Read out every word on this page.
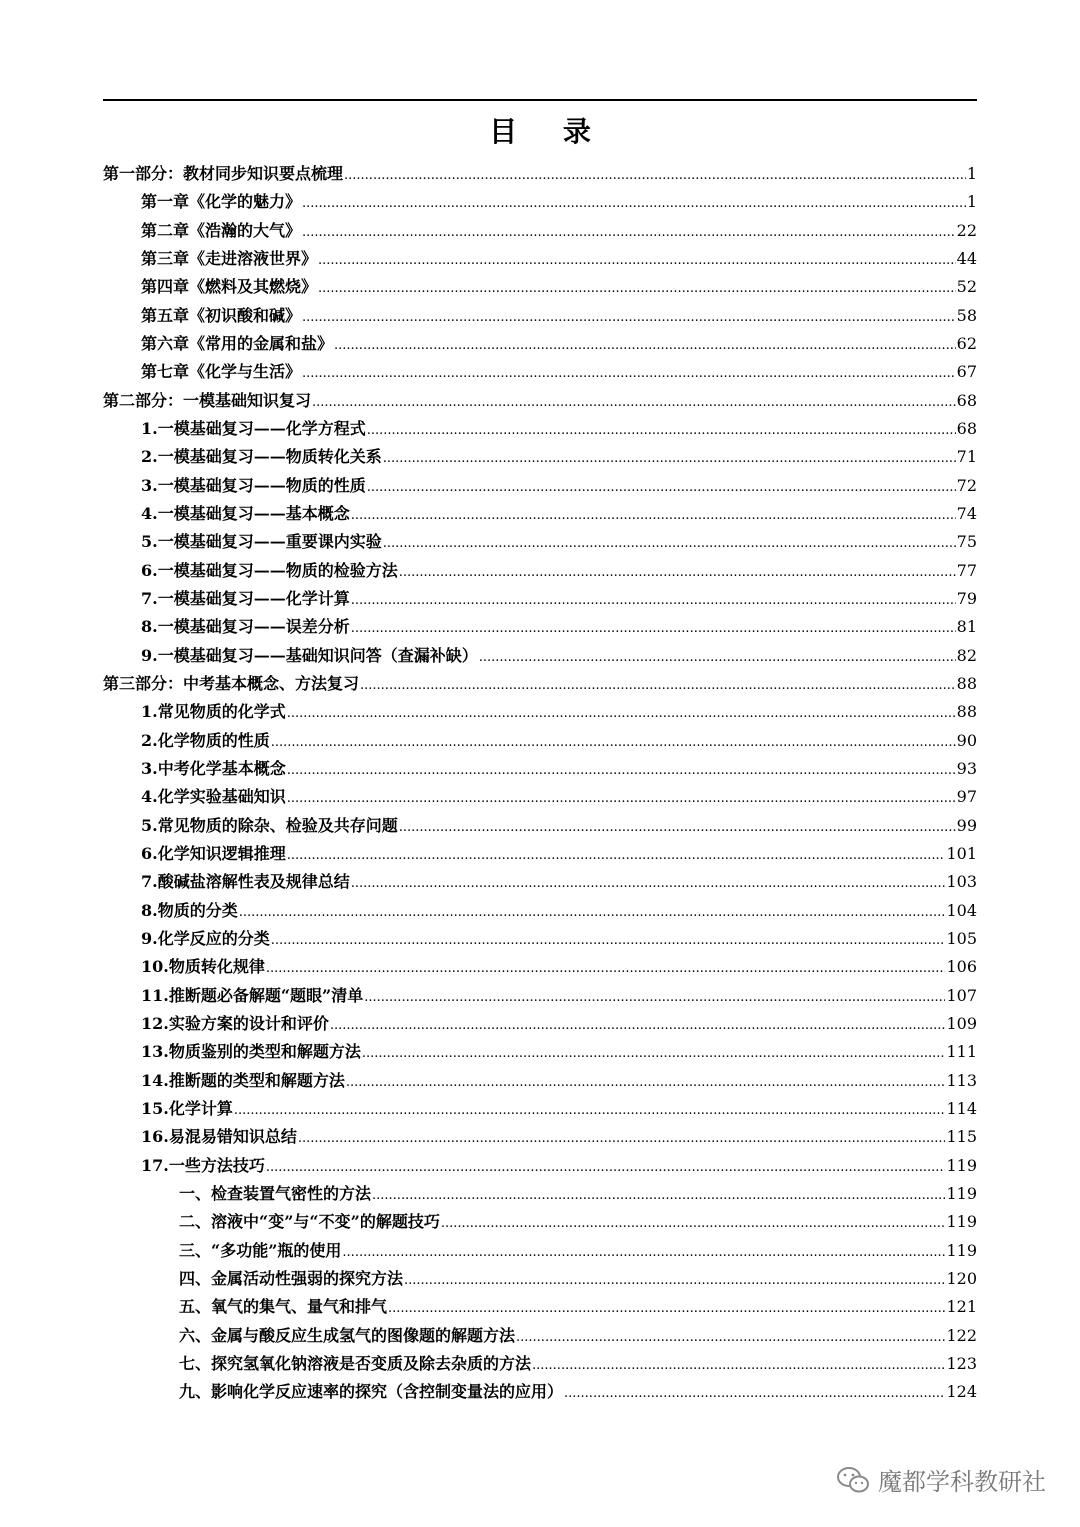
目 录
第一部分：教材同步知识要点梳理 .....	1
第一章《化学的魅力》 .....	1
第二章《浩瀚的大气》 .....	22
第三章《走进溶液世界》 .....	44
第四章《燃料及其燃烧》 .....	52
第五章《初识酸和碱》 .....	58
第六章《常用的金属和盐》 .....	62
第七章《化学与生活》 .....	67
第二部分：一模基础知识复习 .....	68
1.一模基础复习——化学方程式 .....	68
2.一模基础复习——物质转化关系 .....	71
3.一模基础复习——物质的性质 .....	72
4.一模基础复习——基本概念 .....	74
5.一模基础复习——重要课内实验 .....	75
6.一模基础复习——物质的检验方法 .....	77
7.一模基础复习——化学计算 .....	79
8.一模基础复习——误差分析 .....	81
9.一模基础复习——基础知识问答（查漏补缺） .....	82
第三部分：中考基本概念、方法复习 .....	88
1.常见物质的化学式 .....	88
2.化学物质的性质 .....	90
3.中考化学基本概念 .....	93
4.化学实验基础知识 .....	97
5.常见物质的除杂、检验及共存问题 .....	99
6.化学知识逻辑推理 .....	101
7.酸碱盐溶解性表及规律总结 .....	103
8.物质的分类 .....	104
9.化学反应的分类 .....	105
10.物质转化规律 .....	106
11.推断题必备解题“题眼”清单 .....	107
12.实验方案的设计和评价 .....	109
13.物质鉴别的类型和解题方法 .....	111
14.推断题的类型和解题方法 .....	113
15.化学计算 .....	114
16.易混易错知识总结 .....	115
17.一些方法技巧 .....	119
一、检查装置气密性的方法 .....	119
二、溶液中“变”与“不变”的解题技巧 .....	119
三、“多功能”瓶的使用 .....	119
四、金属活动性强弱的探究方法 .....	120
五、氧气的集气、量气和排气 .....	121
六、金属与酸反应生成氢气的图像题的解题方法 .....	122
七、探究氢氧化钠溶液是否变质及除去杂质的方法 .....	123
九、影响化学反应速率的探究（含控制变量法的应用） .....	124
魔都学科教研社
